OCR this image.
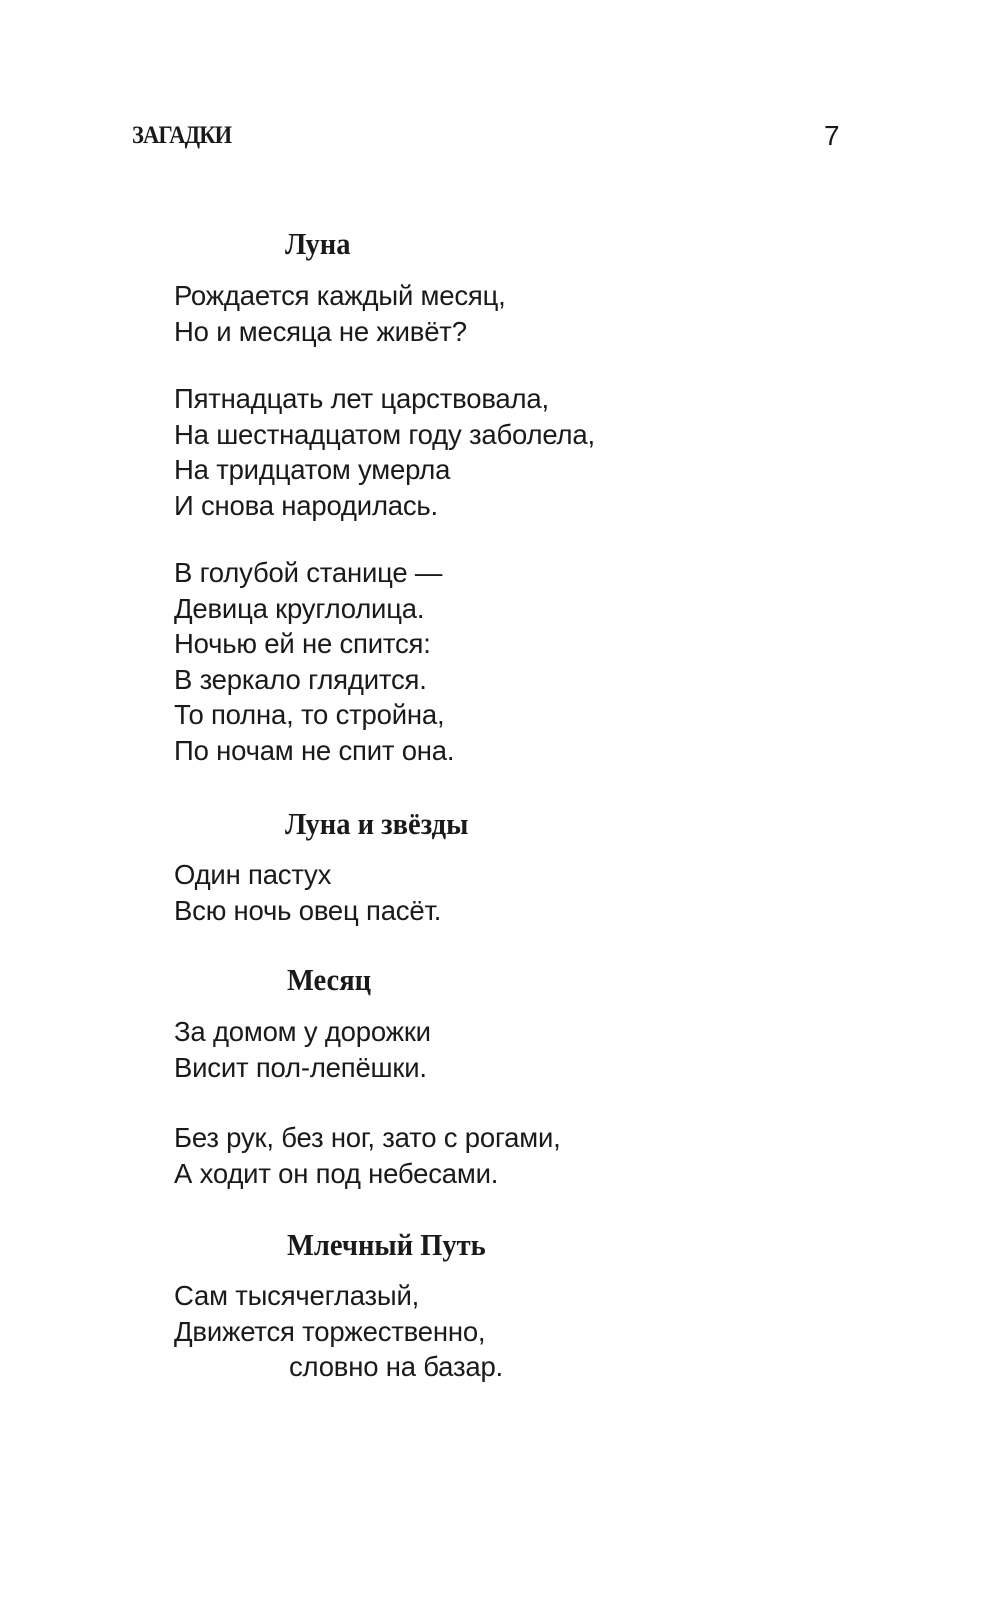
ЗАГАДКИ	7
Луна
Рождается каждый месяц,
Но и месяца не живёт?
Пятнадцать лет царствовала,
На шестнадцатом году заболела,
На тридцатом умерла
И снова народилась.
В голубой станице —
Девица круглолица.
Ночью ей не спится:
В зеркало глядится.
То полна, то стройна,
По ночам не спит она.
Луна и звёзды
Один пастух
Всю ночь овец пасёт.
Месяц
За домом у дорожки
Висит пол-лепёшки.
Без рук, без ног, зато с рогами,
А ходит он под небесами.
Млечный Путь
Сам тысячеглазый,
Движется торжественно,
словно на базар.
